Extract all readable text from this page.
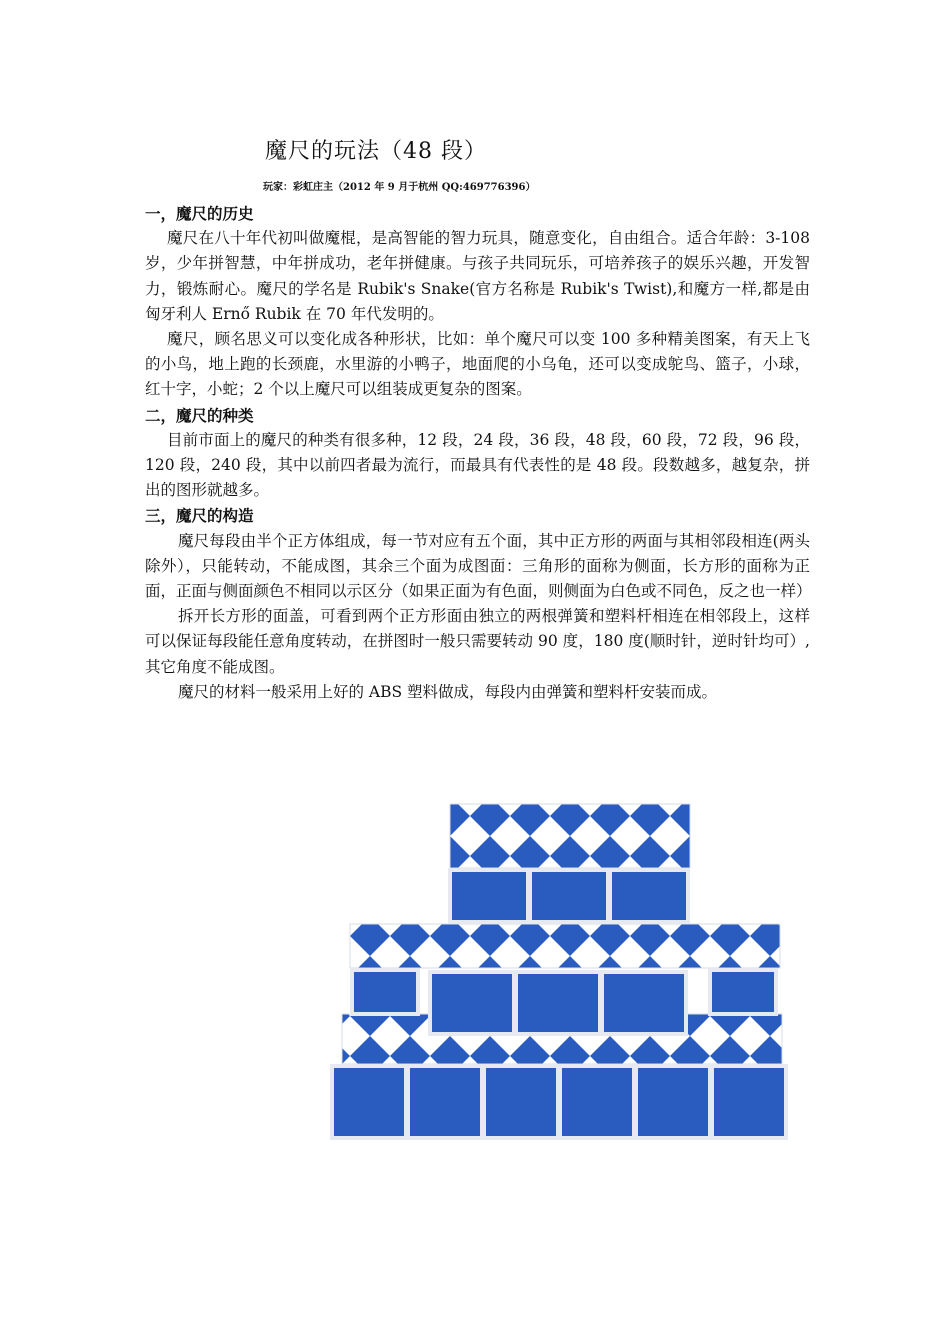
魔尺的玩法（48 段）
玩家：彩虹庄主（2012 年 9 月于杭州 QQ:469776396）
一，魔尺的历史
魔尺在八十年代初叫做魔棍，是高智能的智力玩具，随意变化，自由组合。适合年龄：3-108 岁，少年拼智慧，中年拼成功，老年拼健康。与孩子共同玩乐，可培养孩子的娱乐兴趣，开发智力，锻炼耐心。魔尺的学名是 Rubik's Snake(官方名称是 Rubik's Twist),和魔方一样,都是由匈牙利人 Ernő Rubik 在 70 年代发明的。
魔尺，顾名思义可以变化成各种形状，比如：单个魔尺可以变 100 多种精美图案，有天上飞的小鸟，地上跑的长颈鹿，水里游的小鸭子，地面爬的小乌龟，还可以变成鸵鸟、篮子，小球，红十字，小蛇；2 个以上魔尺可以组装成更复杂的图案。
二，魔尺的种类
目前市面上的魔尺的种类有很多种，12 段，24 段，36 段，48 段，60 段，72 段，96 段，120 段，240 段，其中以前四者最为流行，而最具有代表性的是 48 段。段数越多，越复杂，拼出的图形就越多。
三，魔尺的构造
魔尺每段由半个正方体组成，每一节对应有五个面，其中正方形的两面与其相邻段相连(两头除外），只能转动，不能成图，其余三个面为成图面：三角形的面称为侧面，长方形的面称为正面，正面与侧面颜色不相同以示区分（如果正面为有色面，则侧面为白色或不同色，反之也一样）
拆开长方形的面盖，可看到两个正方形面由独立的两根弹簧和塑料杆相连在相邻段上，这样可以保证每段能任意角度转动，在拼图时一般只需要转动 90 度，180 度(顺时针，逆时针均可）,其它角度不能成图。
魔尺的材料一般采用上好的 ABS 塑料做成，每段内由弹簧和塑料杆安装而成。
